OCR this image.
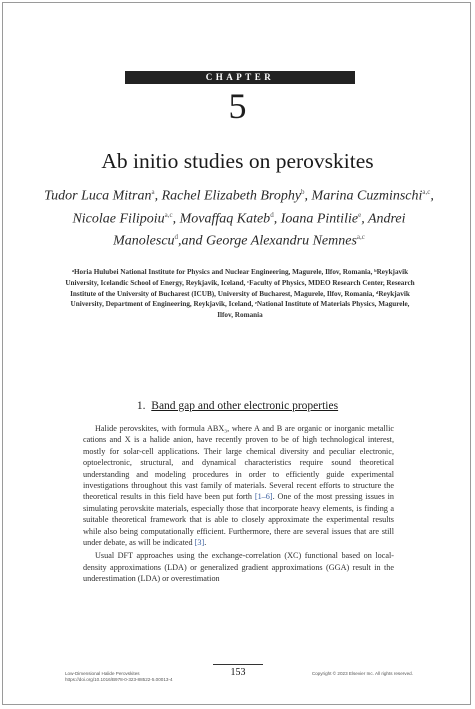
CHAPTER
5
Ab initio studies on perovskites
Tudor Luca Mitran$^a$, Rachel Elizabeth Brophy$^b$, Marina Cuzminschi$^{a,c}$, Nicolae Filipoiu$^{a,c}$, Movaffaq Kateb$^d$, Ioana Pintilie$^e$, Andrei Manolescu$^d$,and George Alexandru Nemnes$^{a,c}$
ᵃHoria Hulubei National Institute for Physics and Nuclear Engineering, Magurele, Ilfov, Romania, ᵇReykjavik University, Icelandic School of Energy, Reykjavik, Iceland, ᶜFaculty of Physics, MDEO Research Center, Research Institute of the University of Bucharest (ICUB), University of Bucharest, Magurele, Ilfov, Romania, ᵈReykjavik University, Department of Engineering, Reykjavik, Iceland, ᵉNational Institute of Materials Physics, Magurele, Ilfov, Romania
1. Band gap and other electronic properties

Halide perovskites, with formula ABX₃, where A and B are organic or inorganic metallic cations and X is a halide anion, have recently proven to be of high technological interest, mostly for solar-cell applications. Their large chemical diversity and peculiar electronic, optoelectronic, structural, and dynamical characteristics require sound theoretical understanding and modeling procedures in order to efficiently guide experimental investigations throughout this vast family of materials. Several recent efforts to structure the theoretical results in this field have been put forth [1–6]. One of the most pressing issues in simulating perovskite materials, especially those that incorporate heavy elements, is finding a suitable theoretical framework that is able to closely approximate the experimental results while also being computationally efficient. Furthermore, there are several issues that are still under debate, as will be indicated [3].

Usual DFT approaches using the exchange-correlation (XC) functional based on local-density approximations (LDA) or generalized gradient approximations (GGA) result in the underestimation (LDA) or overestimation

Low-Dimensional Halide Perovskites
https://doi.org/10.1016/B978-0-323-88522-5.00013-4
153	Copyright © 2023 Elsevier Inc. All rights reserved.
